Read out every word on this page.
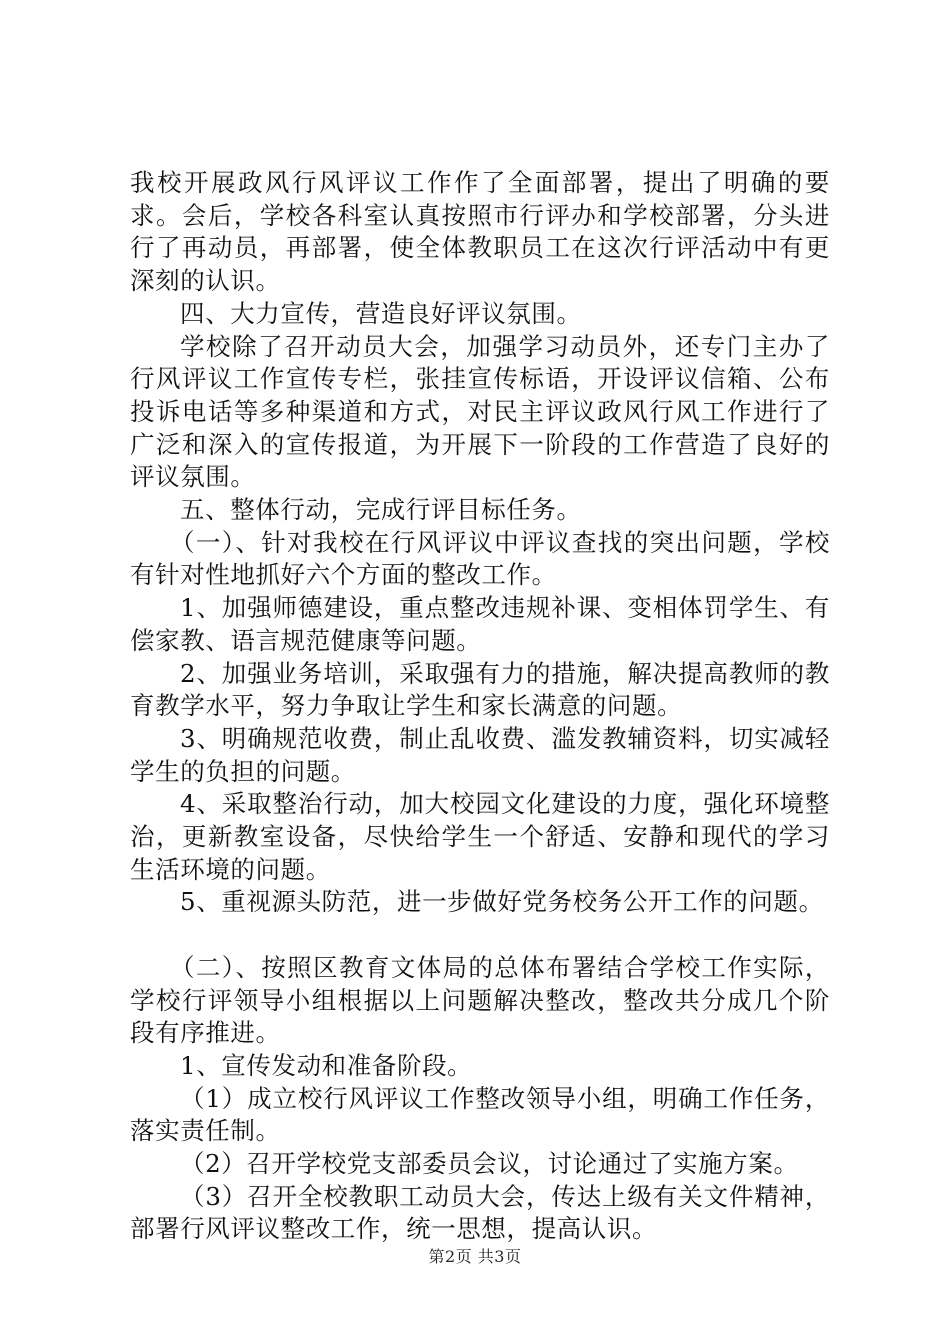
我校开展政风行风评议工作作了全面部署，提出了明确的要求。会后，学校各科室认真按照市行评办和学校部署，分头进行了再动员，再部署，使全体教职员工在这次行评活动中有更深刻的认识。

四、大力宣传，营造良好评议氛围。

学校除了召开动员大会，加强学习动员外，还专门主办了行风评议工作宣传专栏，张挂宣传标语，开设评议信箱、公布投诉电话等多种渠道和方式，对民主评议政风行风工作进行了广泛和深入的宣传报道，为开展下一阶段的工作营造了良好的评议氛围。

五、整体行动，完成行评目标任务。

（一）、针对我校在行风评议中评议查找的突出问题，学校有针对性地抓好六个方面的整改工作。

1、加强师德建设，重点整改违规补课、变相体罚学生、有偿家教、语言规范健康等问题。

2、加强业务培训，采取强有力的措施，解决提高教师的教育教学水平，努力争取让学生和家长满意的问题。

3、明确规范收费，制止乱收费、滥发教辅资料，切实减轻学生的负担的问题。

4、采取整治行动，加大校园文化建设的力度，强化环境整治，更新教室设备，尽快给学生一个舒适、安静和现代的学习生活环境的问题。

5、重视源头防范，进一步做好党务校务公开工作的问题。

（二）、按照区教育文体局的总体布署结合学校工作实际，学校行评领导小组根据以上问题解决整改，整改共分成几个阶段有序推进。

1、宣传发动和准备阶段。

（1）成立校行风评议工作整改领导小组，明确工作任务，落实责任制。

（2）召开学校党支部委员会议，讨论通过了实施方案。

（3）召开全校教职工动员大会，传达上级有关文件精神，部署行风评议整改工作，统一思想，提高认识。

第2页 共3页
